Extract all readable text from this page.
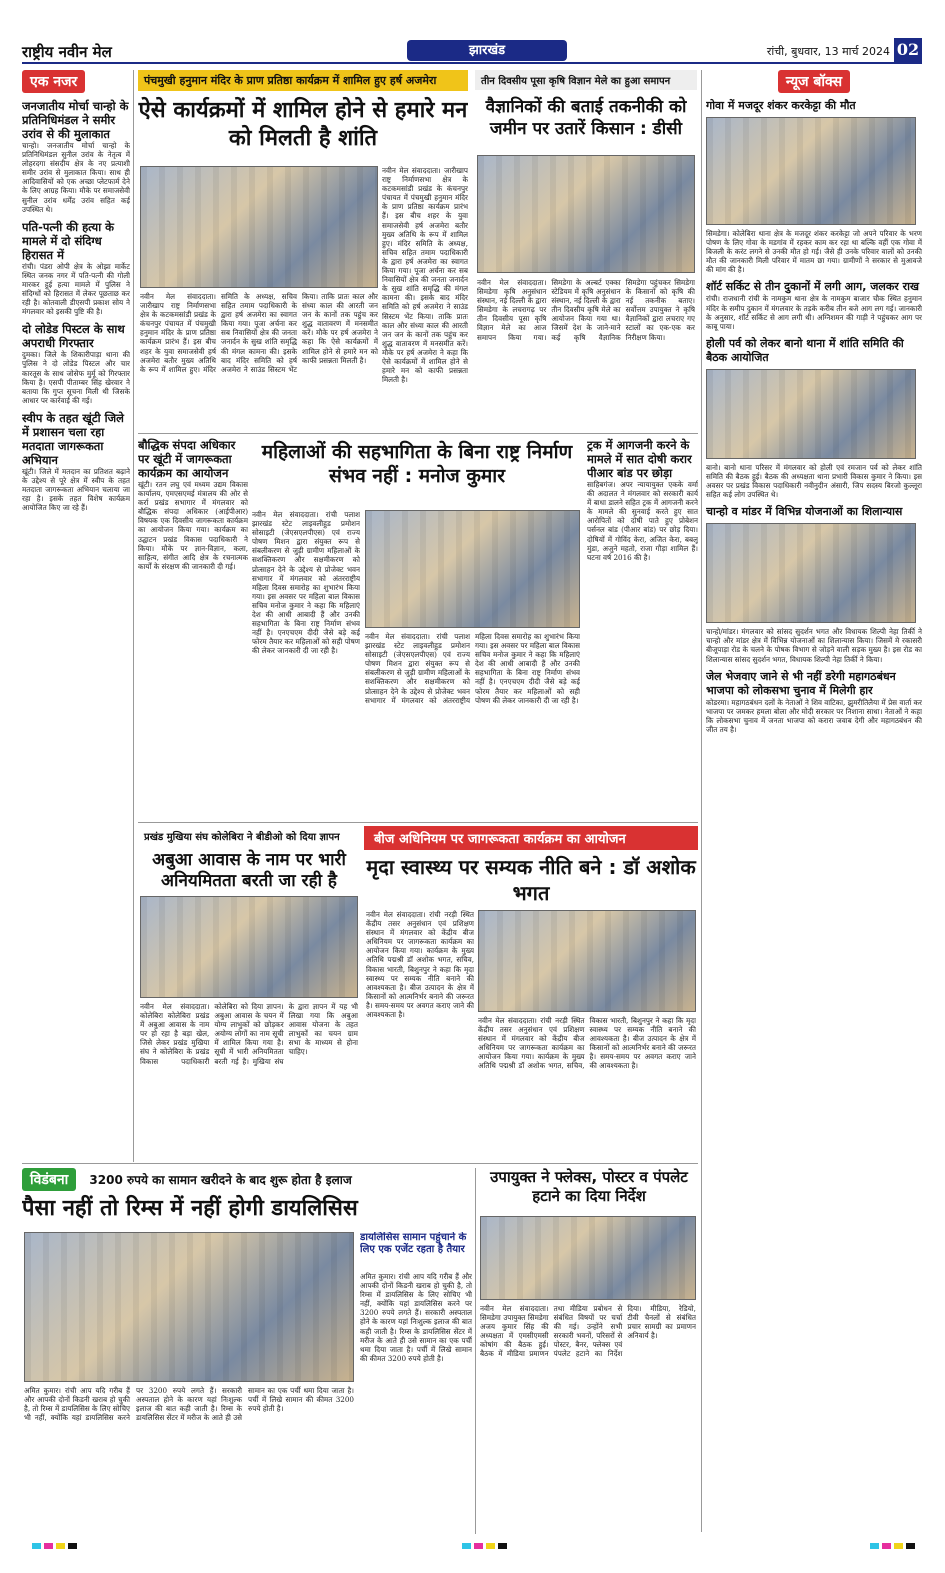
राष्ट्रीय नवीन मेल	झारखंड	रांची, बुधवार, 13 मार्च 2024 02
एक नजर
जनजातीय मोर्चा चान्हो के प्रतिनिधिमंडल ने समीर उरांव से की मुलाकात
चान्हो। जनजातीय मोर्चा चान्हो के प्रतिनिधिमंडल सुनील उरांव के नेतृत्व में लोहरदगा संसदीय क्षेत्र के नए प्रत्याशी समीर उरांव से मुलाकात किया। साथ ही आदिवासियों को एक अच्छा प्लेटफार्म देने के लिए आग्रह किया। मौके पर समाजसेवी सुनील उरांव धर्मेंद्र उरांव सहित कई उपस्थित थे।
पति-पत्नी की हत्या के मामले में दो संदिग्ध हिरासत में
रांची। पंडरा ओपी क्षेत्र के ओझा मार्केट स्थित जनक नगर में पति-पत्नी की गोली मारकर हुई हत्या मामले में पुलिस ने संदिग्धों को हिरासत में लेकर पूछताछ कर रही है। कोतवाली डीएसपी प्रकाश सोय ने मंगलवार को इसकी पुष्टि की है।
दो लोडेड पिस्टल के साथ अपराधी गिरफ्तार
दुमका। जिले के शिकारीपाड़ा थाना की पुलिस ने दो लोडेड पिस्टल और चार कारतूस के साथ जोसेफ मुर्मू को गिरफ्तार किया है। एसपी पीताम्बर सिंह खेरवार ने बताया कि गुप्त सूचना मिली थी जिसके आधार पर कार्रवाई की गई।
स्वीप के तहत खूंटी जिले में प्रशासन चला रहा मतदाता जागरूकता अभियान
खूंटी। जिले में मतदान का प्रतिशत बढ़ाने के उद्देश्य से पूरे क्षेत्र में स्वीप के तहत मतदाता जागरूकता अभियान चलाया जा रहा है। इसके तहत विशेष कार्यक्रम आयोजित किए जा रहे हैं।
पंचमुखी हनुमान मंदिर के प्राण प्रतिष्ठा कार्यक्रम में शामिल हुए हर्ष अजमेरा
ऐसे कार्यक्रमों में शामिल होने से हमारे मन को मिलती है शांति
नवीन मेल संवाददाता। जारीखाप राष्ट्र निर्माणसभा क्षेत्र के कटकमसांडी प्रखंड के कंचनपुर पंचायत में पंचमुखी हनुमान मंदिर के प्राण प्रतिष्ठा कार्यक्रम प्रारंभ हैं। इस बीच शहर के युवा समाजसेवी हर्ष अजमेरा बतौर मुख्य अतिथि के रूप में शामिल हुए। मंदिर समिति के अध्यक्ष, सचिव सहित तमाम पदाधिकारी के द्वारा हर्ष अजमेरा का स्वागत किया गया। पूजा अर्चना कर सब निवासियों क्षेत्र की जनता जनार्दन के सुख शांति समृद्धि की मंगल कामना की। इसके बाद मंदिर समिति को हर्ष अजमेरा ने साउंड सिस्टम भेंट किया। ताकि प्रातः काल और संध्या काल की आरती जन जन के कानों तक पहुंच कर शुद्ध वातावरण में मनसमीत करें। मौके पर हर्ष अजमेरा ने कहा कि ऐसे कार्यक्रमों में शामिल होने से हमारे मन को काफी प्रसन्नता मिलती है।
नवीन मेल संवाददाता। जारीखाप राष्ट्र निर्माणसभा क्षेत्र के कटकमसांडी प्रखंड के कंचनपुर पंचायत में पंचमुखी हनुमान मंदिर के प्राण प्रतिष्ठा कार्यक्रम प्रारंभ हैं। इस बीच शहर के युवा समाजसेवी हर्ष अजमेरा बतौर मुख्य अतिथि के रूप में शामिल हुए। मंदिर समिति के अध्यक्ष, सचिव सहित तमाम पदाधिकारी के द्वारा हर्ष अजमेरा का स्वागत किया गया। पूजा अर्चना कर सब निवासियों क्षेत्र की जनता जनार्दन के सुख शांति समृद्धि की मंगल कामना की। इसके बाद मंदिर समिति को हर्ष अजमेरा ने साउंड सिस्टम भेंट किया। ताकि प्रातः काल और संध्या काल की आरती जन जन के कानों तक पहुंच कर शुद्ध वातावरण में मनसमीत करें। मौके पर हर्ष अजमेरा ने कहा कि ऐसे कार्यक्रमों में शामिल होने से हमारे मन को काफी प्रसन्नता मिलती है।
तीन दिवसीय पूसा कृषि विज्ञान मेले का हुआ समापन
वैज्ञानिकों की बताई तकनीकी को जमीन पर उतारें किसान : डीसी
नवीन मेल संवाददाता। सिमडेगा कृषि अनुसंधान संस्थान, नई दिल्ली के द्वारा सिमडेगा के लचरागढ़ पर तीन दिवसीय पूसा कृषि विज्ञान मेले का आज समापन किया गया। सिमडेगा के अल्बर्ट एक्का स्टेडियम में कृषि अनुसंधान संस्थान, नई दिल्ली के द्वारा तीन दिवसीय कृषि मेले का आयोजन किया गया था। जिसमें देश के जाने-माने कई कृषि वैज्ञानिक सिमडेगा पहुंचकर सिमडेगा के किसानों को कृषि की नई तकनीक बताए। सर्वोत्तम उपायुक्त ने कृषि वैज्ञानिकों द्वारा लचराए गए स्टालों का एक-एक कर निरीक्षण किया।
बौद्धिक संपदा अधिकार पर खूंटी में जागरूकता कार्यक्रम का आयोजन
खूंटी। रतन लघु एवं मध्यम उद्यम विकास कार्यालय, एमएसएमई मंत्रालय की ओर से कर्रा प्रखंड सभागार में मंगलवार को बौद्धिक संपदा अधिकार (आईपीआर) विषयक एक दिवसीय जागरूकता कार्यक्रम का आयोजन किया गया। कार्यक्रम का उद्घाटन प्रखंड विकास पदाधिकारी ने किया। मौके पर ज्ञान-विज्ञान, कला, साहित्य, संगीत आदि क्षेत्र के रचनात्मक कार्यों के संरक्षण की जानकारी दी गई।
महिलाओं की सहभागिता के बिना राष्ट्र निर्माण संभव नहीं : मनोज कुमार
नवीन मेल संवाददाता। रांची पलाश झारखंड स्टेट लाइवलीहुड प्रमोशन सोसाइटी (जेएसएलपीएस) एवं राज्य पोषण मिशन द्वारा संयुक्त रूप से संबलीकरण से जुड़ी ग्रामीण महिलाओं के सशक्तिकरण और सक्षमीकरण को प्रोत्साहन देने के उद्देश्य से प्रोजेक्ट भवन सभागार में मंगलवार को अंतरराष्ट्रीय महिला दिवस समारोह का शुभारंभ किया गया। इस अवसर पर महिला बाल विकास सचिव मनोज कुमार ने कहा कि महिलाएं देश की आधी आबादी हैं और उनकी सहभागिता के बिना राष्ट्र निर्माण संभव नहीं है। एनएचएम दीदी जैसे बड़े कई फोरम तैयार कर महिलाओं को सही पोषण की लेकर जानकारी दी जा रही है।
नवीन मेल संवाददाता। रांची पलाश झारखंड स्टेट लाइवलीहुड प्रमोशन सोसाइटी (जेएसएलपीएस) एवं राज्य पोषण मिशन द्वारा संयुक्त रूप से संबलीकरण से जुड़ी ग्रामीण महिलाओं के सशक्तिकरण और सक्षमीकरण को प्रोत्साहन देने के उद्देश्य से प्रोजेक्ट भवन सभागार में मंगलवार को अंतरराष्ट्रीय महिला दिवस समारोह का शुभारंभ किया गया। इस अवसर पर महिला बाल विकास सचिव मनोज कुमार ने कहा कि महिलाएं देश की आधी आबादी हैं और उनकी सहभागिता के बिना राष्ट्र निर्माण संभव नहीं है। एनएचएम दीदी जैसे बड़े कई फोरम तैयार कर महिलाओं को सही पोषण की लेकर जानकारी दी जा रही है।
ट्रक में आगजनी करने के मामले में सात दोषी करार पीआर बांड पर छोड़ा
साहिबगंज। अपर न्यायायुक्त एकके वर्मा की अदालत ने मंगलवार को सरकारी कार्य में बाधा डालने सहित ट्रक में आगजनी करने के मामले की सुनवाई करते हुए सात आरोपितों को दोषी पाते हुए प्रोबेशन पर्सनल बांड (पीआर बांड) पर छोड़ दिया। दोषियों में गोविंद केरा, अजित केरा, बबलू मुंडा, अजुने महतो, राजा गौड़ा शामिल हैं। घटना वर्ष 2016 की है।
प्रखंड मुखिया संघ कोलेबिरा ने बीडीओ को दिया ज्ञापन
अबुआ आवास के नाम पर भारी अनियमितता बरती जा रही है
नवीन मेल संवाददाता। कोलेबिरा कोलेबिरा प्रखंड में अबुआ आवास के नाम पर हो रहा है बड़ा खेल, जिसे लेकर प्रखंड मुखिया संघ ने कोलेबिरा के प्रखंड विकास पदाधिकारी कोलेबिरा को दिया ज्ञापन। अबुआ आवास के चयन में योग्य लाभुकों को छोड़कर अयोग्य लोगों का नाम सूची में शामिल किया गया है। सूची में भारी अनियमितता बरती गई है। मुखिया संघ के द्वारा ज्ञापन में यह भी लिखा गया कि अबुआ आवास योजना के तहत लाभुकों का चयन ग्राम सभा के माध्यम से होना चाहिए।
बीज अधिनियम पर जागरूकता कार्यक्रम का आयोजन
मृदा स्वास्थ्य पर सम्यक नीति बने : डॉ अशोक भगत
नवीन मेल संवाददाता। रांची नरड़ी स्थित केंद्रीय तसर अनुसंधान एवं प्रशिक्षण संस्थान में मंगलवार को केंद्रीय बीज अधिनियम पर जागरूकता कार्यक्रम का आयोजन किया गया। कार्यक्रम के मुख्य अतिथि पद्मश्री डॉ अशोक भगत, सचिव, विकास भारती, बिशुनपुर ने कहा कि मृदा स्वास्थ्य पर सम्यक नीति बनाने की आवश्यकता है। बीज उत्पादन के क्षेत्र में किसानों को आत्मनिर्भर बनाने की जरूरत है। समय-समय पर अवगत कराए जाने की आवश्यकता है।
नवीन मेल संवाददाता। रांची नरड़ी स्थित केंद्रीय तसर अनुसंधान एवं प्रशिक्षण संस्थान में मंगलवार को केंद्रीय बीज अधिनियम पर जागरूकता कार्यक्रम का आयोजन किया गया। कार्यक्रम के मुख्य अतिथि पद्मश्री डॉ अशोक भगत, सचिव, विकास भारती, बिशुनपुर ने कहा कि मृदा स्वास्थ्य पर सम्यक नीति बनाने की आवश्यकता है। बीज उत्पादन के क्षेत्र में किसानों को आत्मनिर्भर बनाने की जरूरत है। समय-समय पर अवगत कराए जाने की आवश्यकता है।
विडंबना 3200 रुपये का सामान खरीदने के बाद शुरू होता है इलाज
पैसा नहीं तो रिम्स में नहीं होगी डायलिसिस
डायलिसिस सामान पहुंचाने के लिए एक एजेंट रहता है तैयार
अमित कुमार। रांची आप यदि गरीब हैं और आपकी दोनों किडनी खराब हो चुकी है, तो रिम्स में डायलिसिस के लिए सोचिए भी नहीं, क्योंकि यहां डायलिसिस करने पर 3200 रुपये लगते हैं। सरकारी अस्पताल होने के कारण यहां निःशुल्क इलाज की बात कही जाती है। रिम्स के डायलिसिस सेंटर में मरीज के आते ही उसे सामान का एक पर्ची थमा दिया जाता है। पर्ची में लिखे सामान की कीमत 3200 रुपये होती है।
अमित कुमार। रांची आप यदि गरीब हैं और आपकी दोनों किडनी खराब हो चुकी है, तो रिम्स में डायलिसिस के लिए सोचिए भी नहीं, क्योंकि यहां डायलिसिस करने पर 3200 रुपये लगते हैं। सरकारी अस्पताल होने के कारण यहां निःशुल्क इलाज की बात कही जाती है। रिम्स के डायलिसिस सेंटर में मरीज के आते ही उसे सामान का एक पर्ची थमा दिया जाता है। पर्ची में लिखे सामान की कीमत 3200 रुपये होती है।
उपायुक्त ने फ्लेक्स, पोस्टर व पंपलेट हटाने का दिया निर्देश
नवीन मेल संवाददाता। सिमडेगा उपायुक्त सिमडेगा अजय कुमार सिंह की अध्यक्षता में एमसीएमसी कोषांग की बैठक हुई। बैठक में मीडिया प्रमाणन तथा मीडिया प्रबोधन से संबंधित विषयों पर चर्चा की गई। उन्होंने सभी सरकारी भवनों, परिसरों से पोस्टर, बैनर, फ्लेक्स एवं पंपलेट हटाने का निर्देश दिया। मीडिया, रेडियो, टीवी चैनलों से संबंधित प्रचार सामग्री का प्रमाणन अनिवार्य है।
न्यूज बॉक्स
गोवा में मजदूर शंकर करकेट्टा की मौत
सिमडेगा। कोलेबिरा थाना क्षेत्र के मजदूर शंकर करकेट्टा जो अपने परिवार के भरण पोषण के लिए गोवा के मडगांव में रहकर काम कर रहा था बल्कि वहीं एक गोवा में बिजली के करंट लगने से उनकी मौत हो गई। जैसे ही उनके परिवार वालों को उनकी मौत की जानकारी मिली परिवार में मातम छा गया। ग्रामीणों ने सरकार से मुआवजे की मांग की है।
शॉर्ट सर्किट से तीन दुकानों में लगी आग, जलकर राख
रांची। राजधानी रांची के नामकुम थाना क्षेत्र के नामकुम बाजार चौक स्थित हनुमान मंदिर के समीप दुकान में मंगलवार के तड़के करीब तीन बजे आग लग गई। जानकारी के अनुसार, शॉर्ट सर्किट से आग लगी थी। अग्निशमन की गाड़ी ने पहुंचकर आग पर काबू पाया।
होली पर्व को लेकर बानो थाना में शांति समिति की बैठक आयोजित
बानो। बानो थाना परिसर में मंगलवार को होली एवं रमजान पर्व को लेकर शांति समिति की बैठक हुई। बैठक की अध्यक्षता थाना प्रभारी विकास कुमार ने किया। इस अवसर पर प्रखंड विकास पदाधिकारी नवीनुदीन अंसारी, जिप सदस्य बिरजो कुल्लूरा सहित कई लोग उपस्थित थे।
चान्हो व मांडर में विभिन्न योजनाओं का शिलान्यास
चान्हो/मांडर। मंगलवार को सांसद सुदर्शन भगत और विधायक शिल्पी नेहा तिर्की ने चान्हो और मांडर क्षेत्र में विभिन्न योजनाओं का शिलान्यास किया। जिसमें मे रकासरी बीजूपाड़ा रोड के चलने के पोषक विभाग से जोड़ने वाली सड़क मुख्य है। इस रोड का शिलान्यास सांसद सुदर्शन भगत, विधायक शिल्पी नेहा तिर्की ने किया।
जेल भेजवाए जाने से भी नहीं डरेगी महागठबंधन भाजपा को लोकसभा चुनाव में मिलेगी हार
कोडरमा। महागठबंधन दलों के नेताओं ने शिव वाटिका, झुमरीतिलैया में प्रेस वार्ता कर भाजपा पर जमकर हमला बोला और मोदी सरकार पर निशाना साधा। नेताओं ने कहा कि लोकसभा चुनाव में जनता भाजपा को करारा जवाब देगी और महागठबंधन की जीत तय है।
